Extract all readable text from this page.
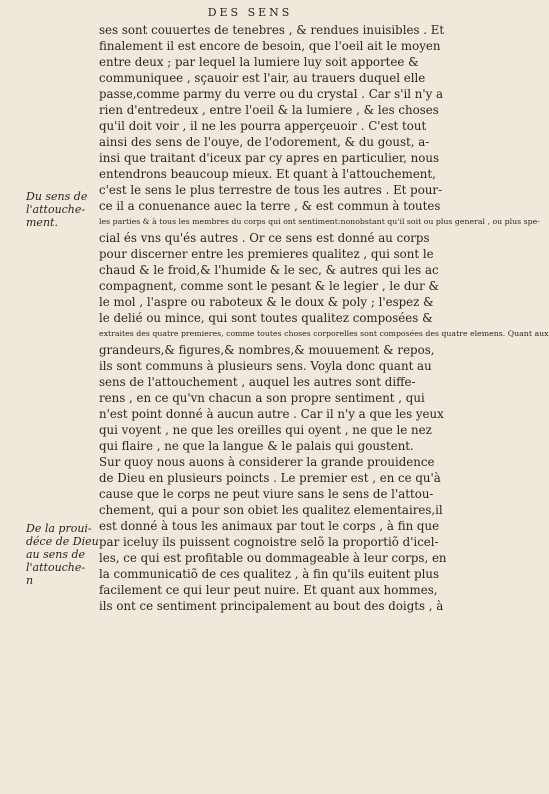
DES SENS
Du sens de
l'attouche-
ment.
De la proui-
déce de Dieu
au sens de
l'attouche-
n
ses sont couuertes de tenebres , & rendues inuisibles . Et
finalement il est encore de besoin, que l'oeil ait le moyen
entre deux ; par lequel la lumiere luy soit apportee &
communiquee , sçauoir est l'air, au trauers duquel elle
passe,comme parmy du verre ou du crystal . Car s'il n'y a
rien d'entredeux , entre l'oeil & la lumiere , & les choses
qu'il doit voir , il ne les pourra apperçeuoir . C'est tout
ainsi des sens de l'ouye, de l'odorement, & du goust, a-
insi que traitant d'iceux par cy apres en particulier, nous
entendrons beaucoup mieux. Et quant à l'attouchement,
c'est le sens le plus terrestre de tous les autres . Et pour-
ce il a conuenance auec la terre , & est commun à toutes
les parties & à tous les membres du corps qui ont sentiment:nonobstant qu'il soit ou plus general , ou plus spe-
cial és vns qu'és autres . Or ce sens est donné au corps
pour discerner entre les premieres qualitez , qui sont le
chaud & le froid,& l'humide & le sec, & autres qui les ac
compagnent, comme sont le pesant & le legier , le dur &
le mol , l'aspre ou raboteux & le doux & poly ; l'espez &
le delié ou mince, qui sont toutes qualitez composées &
extraites des quatre premieres, comme toutes choses corporelles sont composées des quatre elemens. Quant aux
grandeurs,& figures,& nombres,& mouuement & repos,
ils sont communs à plusieurs sens. Voyla donc quant au
sens de l'attouchement , auquel les autres sont diffe-
rens , en ce qu'vn chacun a son propre sentiment , qui
n'est point donné à aucun autre . Car il n'y a que les yeux
qui voyent , ne que les oreilles qui oyent , ne que le nez
qui flaire , ne que la langue & le palais qui goustent.
Sur quoy nous auons à considerer la grande prouidence
de Dieu en plusieurs poincts . Le premier est , en ce qu'à
cause que le corps ne peut viure sans le sens de l'attou-
chement, qui a pour son obiet les qualitez elementaires,il
est donné à tous les animaux par tout le corps , à fin que
par iceluy ils puissent cognoistre selõ la proportiõ d'icel-
les, ce qui est profitable ou dommageable à leur corps, en
la communicatiõ de ces qualitez , à fin qu'ils euitent plus
facilement ce qui leur peut nuire. Et quant aux hommes,
ils ont ce sentiment principalement au bout des doigts , à
